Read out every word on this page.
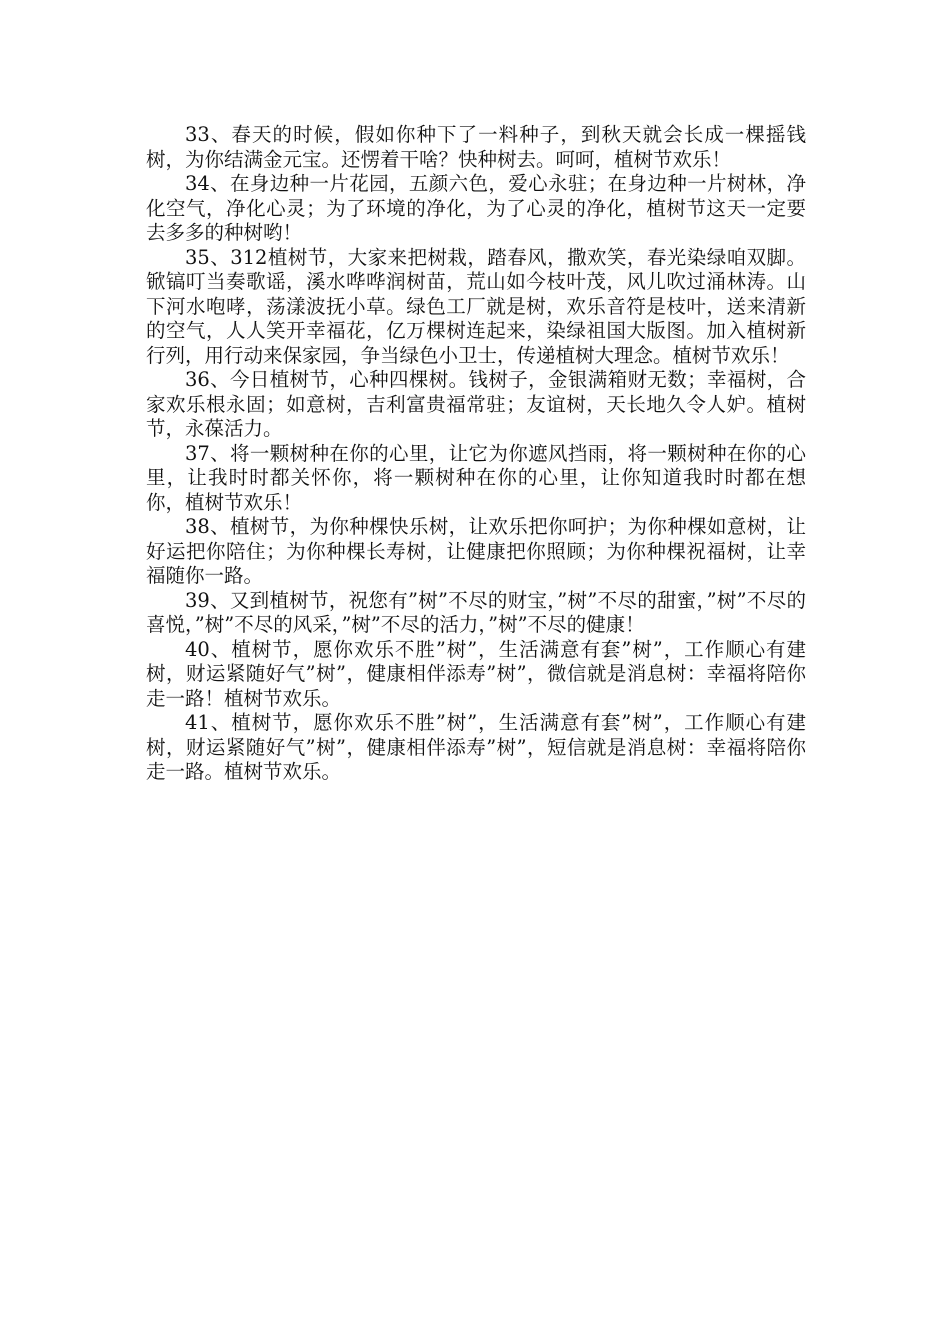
33、春天的时候，假如你种下了一料种子，到秋天就会长成一棵摇钱树，为你结满金元宝。还愣着干啥？快种树去。呵呵，植树节欢乐！

34、在身边种一片花园，五颜六色，爱心永驻；在身边种一片树林，净化空气，净化心灵；为了环境的净化，为了心灵的净化，植树节这天一定要去多多的种树哟！

35、312植树节，大家来把树栽，踏春风，撒欢笑，春光染绿咱双脚。锨镐叮当奏歌谣，溪水哗哗润树苗，荒山如今枝叶茂，风儿吹过涌林涛。山下河水咆哮，荡漾波抚小草。绿色工厂就是树，欢乐音符是枝叶，送来清新的空气，人人笑开幸福花，亿万棵树连起来，染绿祖国大版图。加入植树新行列，用行动来保家园，争当绿色小卫士，传递植树大理念。植树节欢乐！

36、今日植树节，心种四棵树。钱树子，金银满箱财无数；幸福树，合家欢乐根永固；如意树，吉利富贵福常驻；友谊树，天长地久令人妒。植树节，永葆活力。

37、将一颗树种在你的心里，让它为你遮风挡雨，将一颗树种在你的心里，让我时时都关怀你，将一颗树种在你的心里，让你知道我时时都在想你，植树节欢乐！

38、植树节，为你种棵快乐树，让欢乐把你呵护；为你种棵如意树，让好运把你陪住；为你种棵长寿树，让健康把你照顾；为你种棵祝福树，让幸福随你一路。

39、又到植树节，祝您有”树”不尽的财宝，”树”不尽的甜蜜，”树”不尽的喜悦，”树”不尽的风采，”树”不尽的活力，”树”不尽的健康！

40、植树节，愿你欢乐不胜”树”，生活满意有套”树”，工作顺心有建树，财运紧随好气”树”，健康相伴添寿”树”，微信就是消息树：幸福将陪你走一路！植树节欢乐。

41、植树节，愿你欢乐不胜”树”，生活满意有套”树”，工作顺心有建树，财运紧随好气”树”，健康相伴添寿”树”，短信就是消息树：幸福将陪你走一路。植树节欢乐。
